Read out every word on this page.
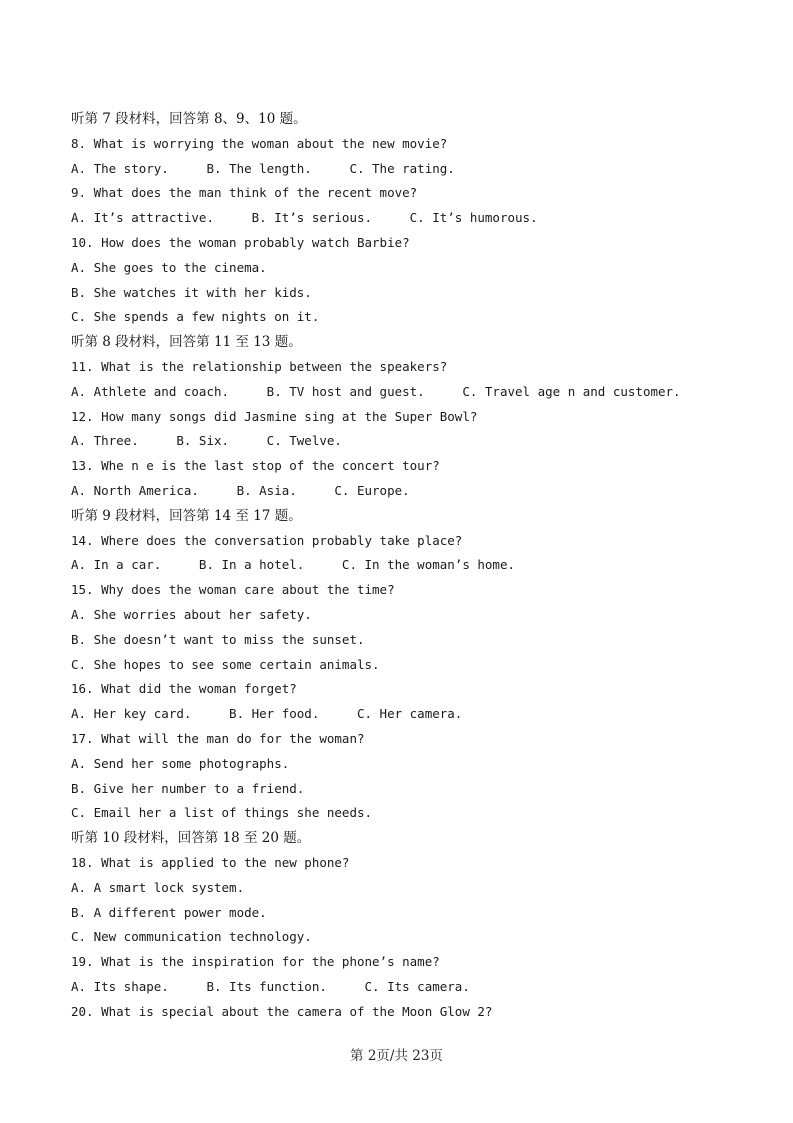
听第 7 段材料，回答第 8、9、10 题。
8. What is worrying the woman about the new movie?
A. The story.     B. The length.     C. The rating.
9. What does the man think of the recent move?
A. It’s attractive.     B. It’s serious.     C. It’s humorous.
10. How does the woman probably watch Barbie?
A. She goes to the cinema.
B. She watches it with her kids.
C. She spends a few nights on it.
听第 8 段材料，回答第 11 至 13 题。
11. What is the relationship between the speakers?
A. Athlete and coach.     B. TV host and guest.     C. Travel age n and customer.
12. How many songs did Jasmine sing at the Super Bowl?
A. Three.     B. Six.     C. Twelve.
13. Whe n e is the last stop of the concert tour?
A. North America.     B. Asia.     C. Europe.
听第 9 段材料，回答第 14 至 17 题。
14. Where does the conversation probably take place?
A. In a car.     B. In a hotel.     C. In the woman’s home.
15. Why does the woman care about the time?
A. She worries about her safety.
B. She doesn’t want to miss the sunset.
C. She hopes to see some certain animals.
16. What did the woman forget?
A. Her key card.     B. Her food.     C. Her camera.
17. What will the man do for the woman?
A. Send her some photographs.
B. Give her number to a friend.
C. Email her a list of things she needs.
听第 10 段材料，回答第 18 至 20 题。
18. What is applied to the new phone?
A. A smart lock system.
B. A different power mode.
C. New communication technology.
19. What is the inspiration for the phone’s name?
A. Its shape.     B. Its function.     C. Its camera.
20. What is special about the camera of the Moon Glow 2?
第 2页/共 23页
